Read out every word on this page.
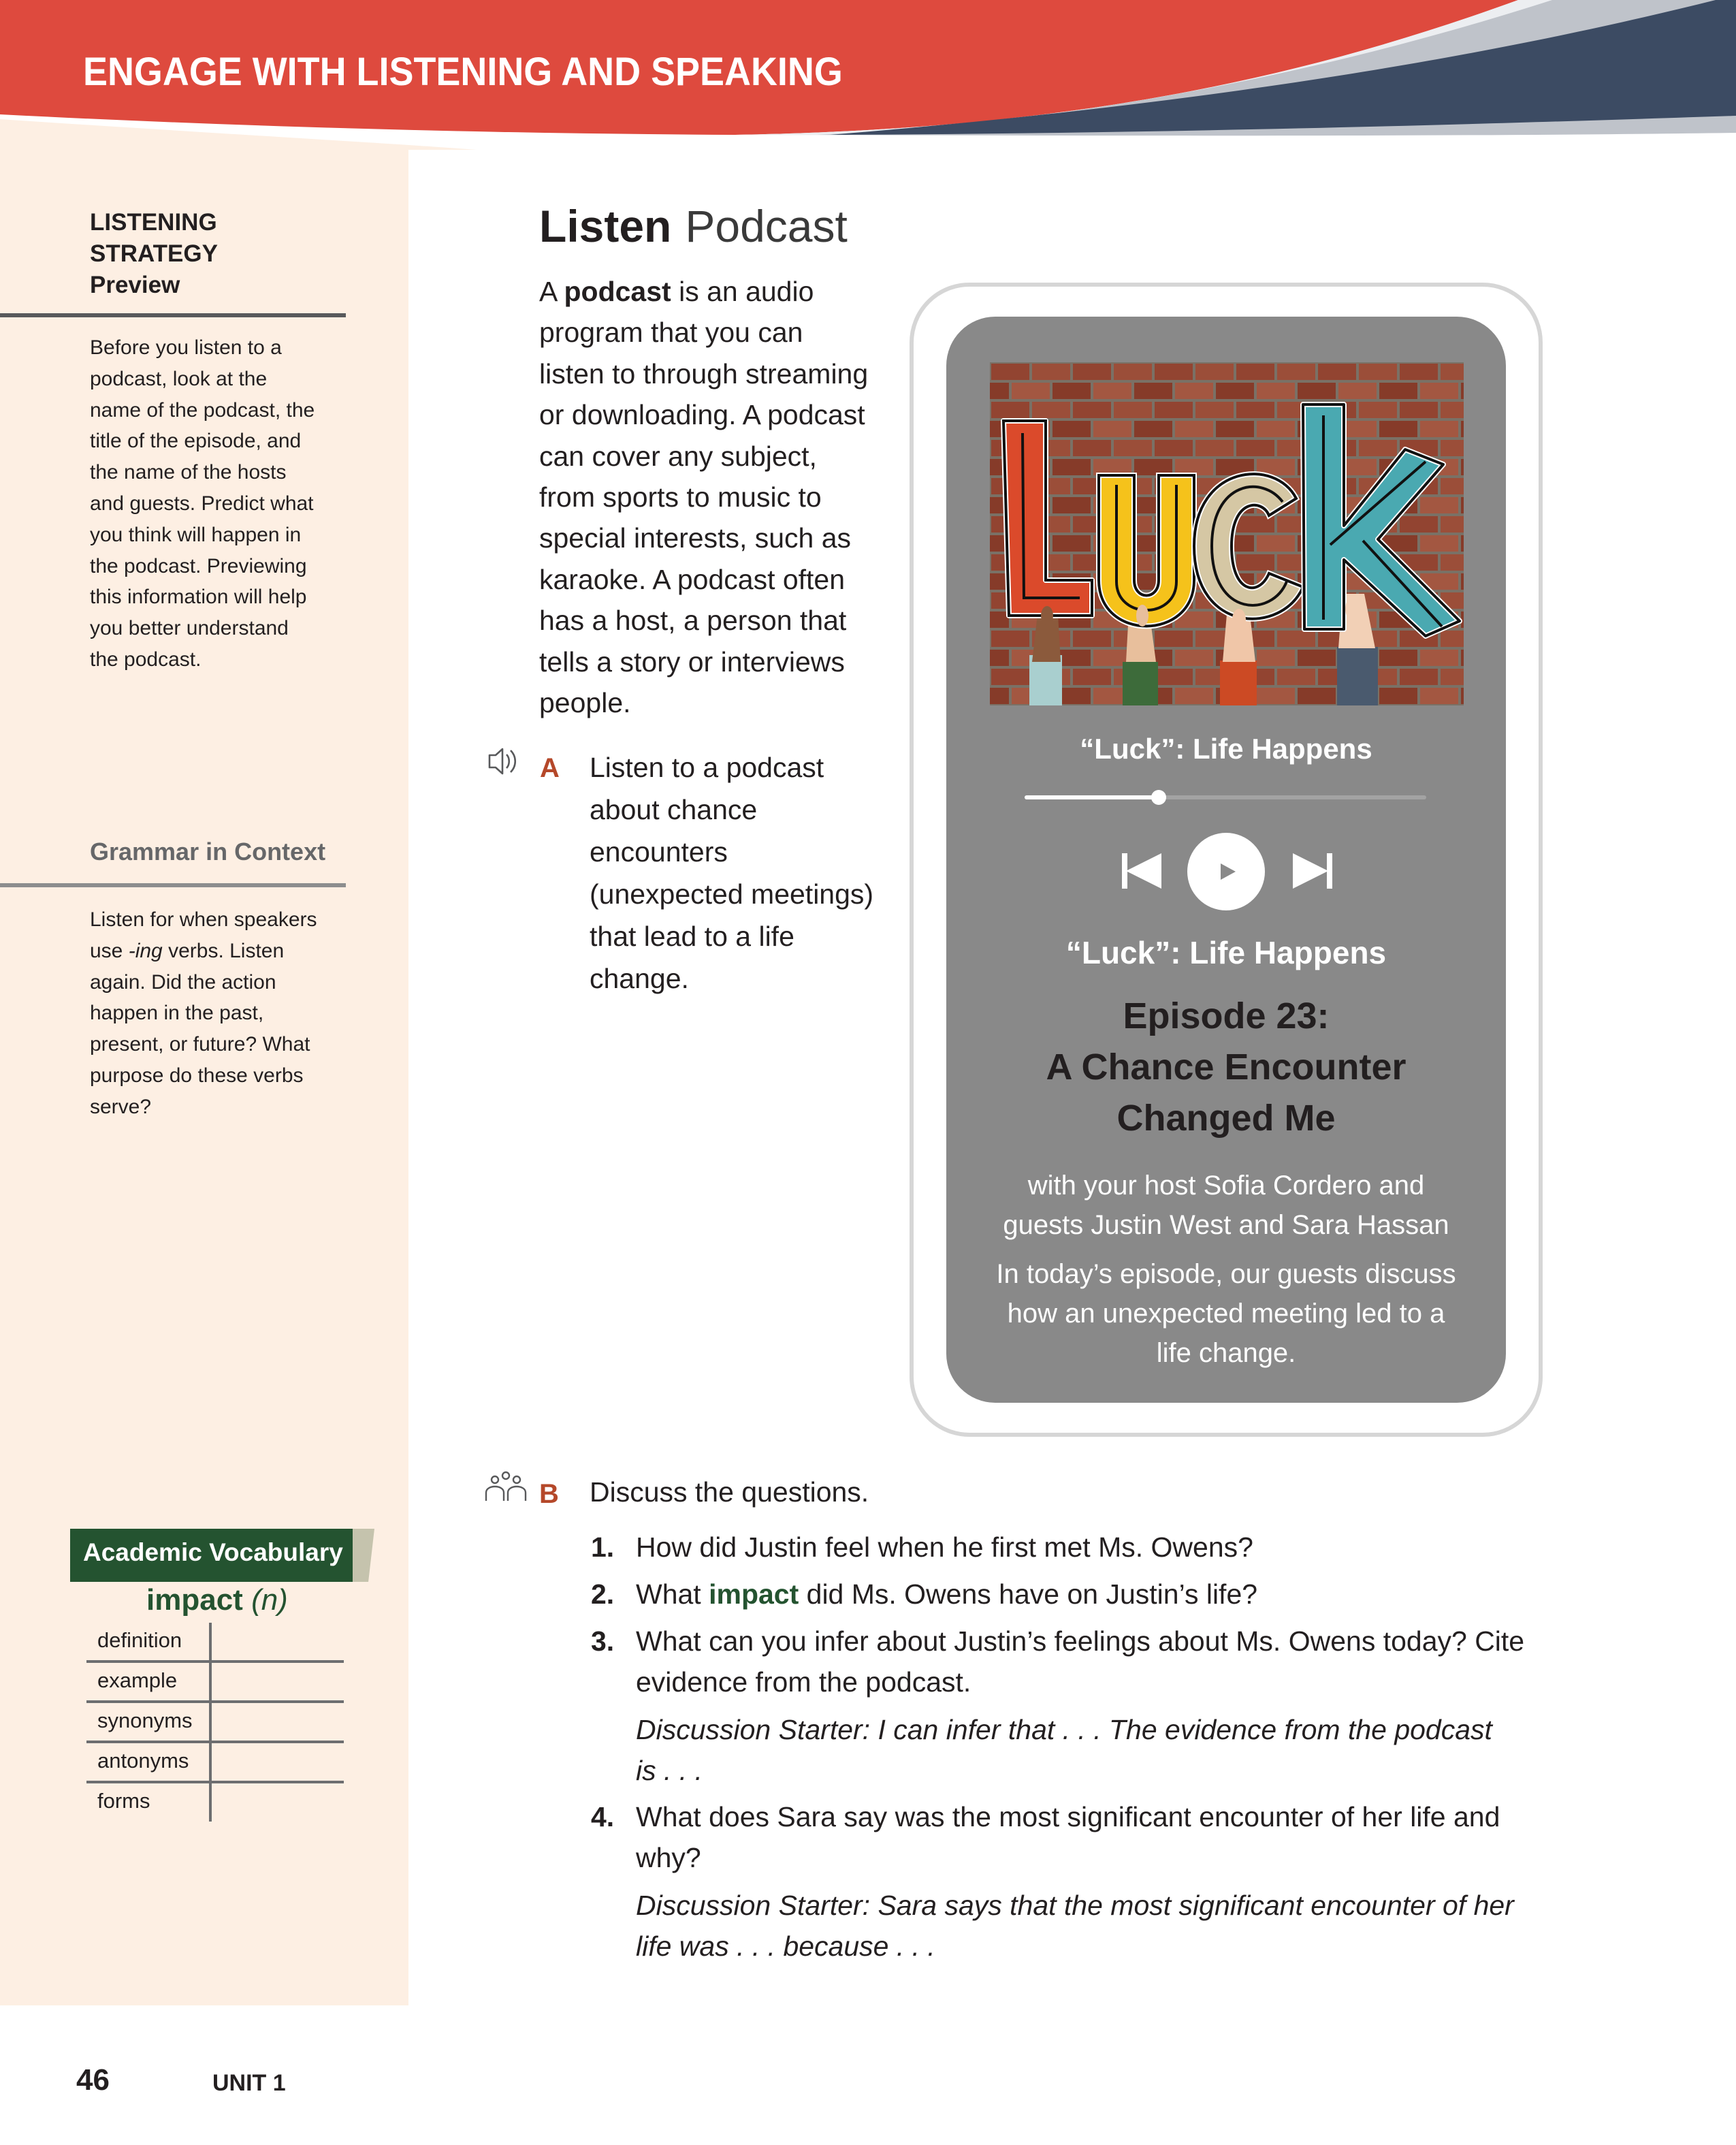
ENGAGE WITH LISTENING AND SPEAKING
LISTENING
STRATEGY
Preview
Before you listen to a
podcast, look at the
name of the podcast, the
title of the episode, and
the name of the hosts
and guests. Predict what
you think will happen in
the podcast. Previewing
this information will help
you better understand
the podcast.
Grammar in Context
Listen for when speakers
use -ing verbs. Listen
again. Did the action
happen in the past,
present, or future? What
purpose do these verbs
serve?
Academic Vocabulary
impact (n)
definition
example
synonyms
antonyms
forms
Listen Podcast
A podcast is an audio
program that you can
listen to through streaming
or downloading. A podcast
can cover any subject,
from sports to music to
special interests, such as
karaoke. A podcast often
has a host, a person that
tells a story or interviews
people.
A Listen to a podcast
about chance
encounters
(unexpected meetings)
that lead to a life
change.
“Luck”: Life Happens
“Luck”: Life Happens
Episode 23:
A Chance Encounter
Changed Me
with your host Sofia Cordero and
guests Justin West and Sara Hassan
In today’s episode, our guests discuss
how an unexpected meeting led to a
life change.
B Discuss the questions.
1. How did Justin feel when he first met Ms. Owens?
2. What impact did Ms. Owens have on Justin’s life?
3. What can you infer about Justin’s feelings about Ms. Owens today? Cite
evidence from the podcast.
Discussion Starter: I can infer that . . . The evidence from the podcast
is . . .
4. What does Sara say was the most significant encounter of her life and
why?
Discussion Starter: Sara says that the most significant encounter of her
life was . . . because . . .
46	UNIT 1
